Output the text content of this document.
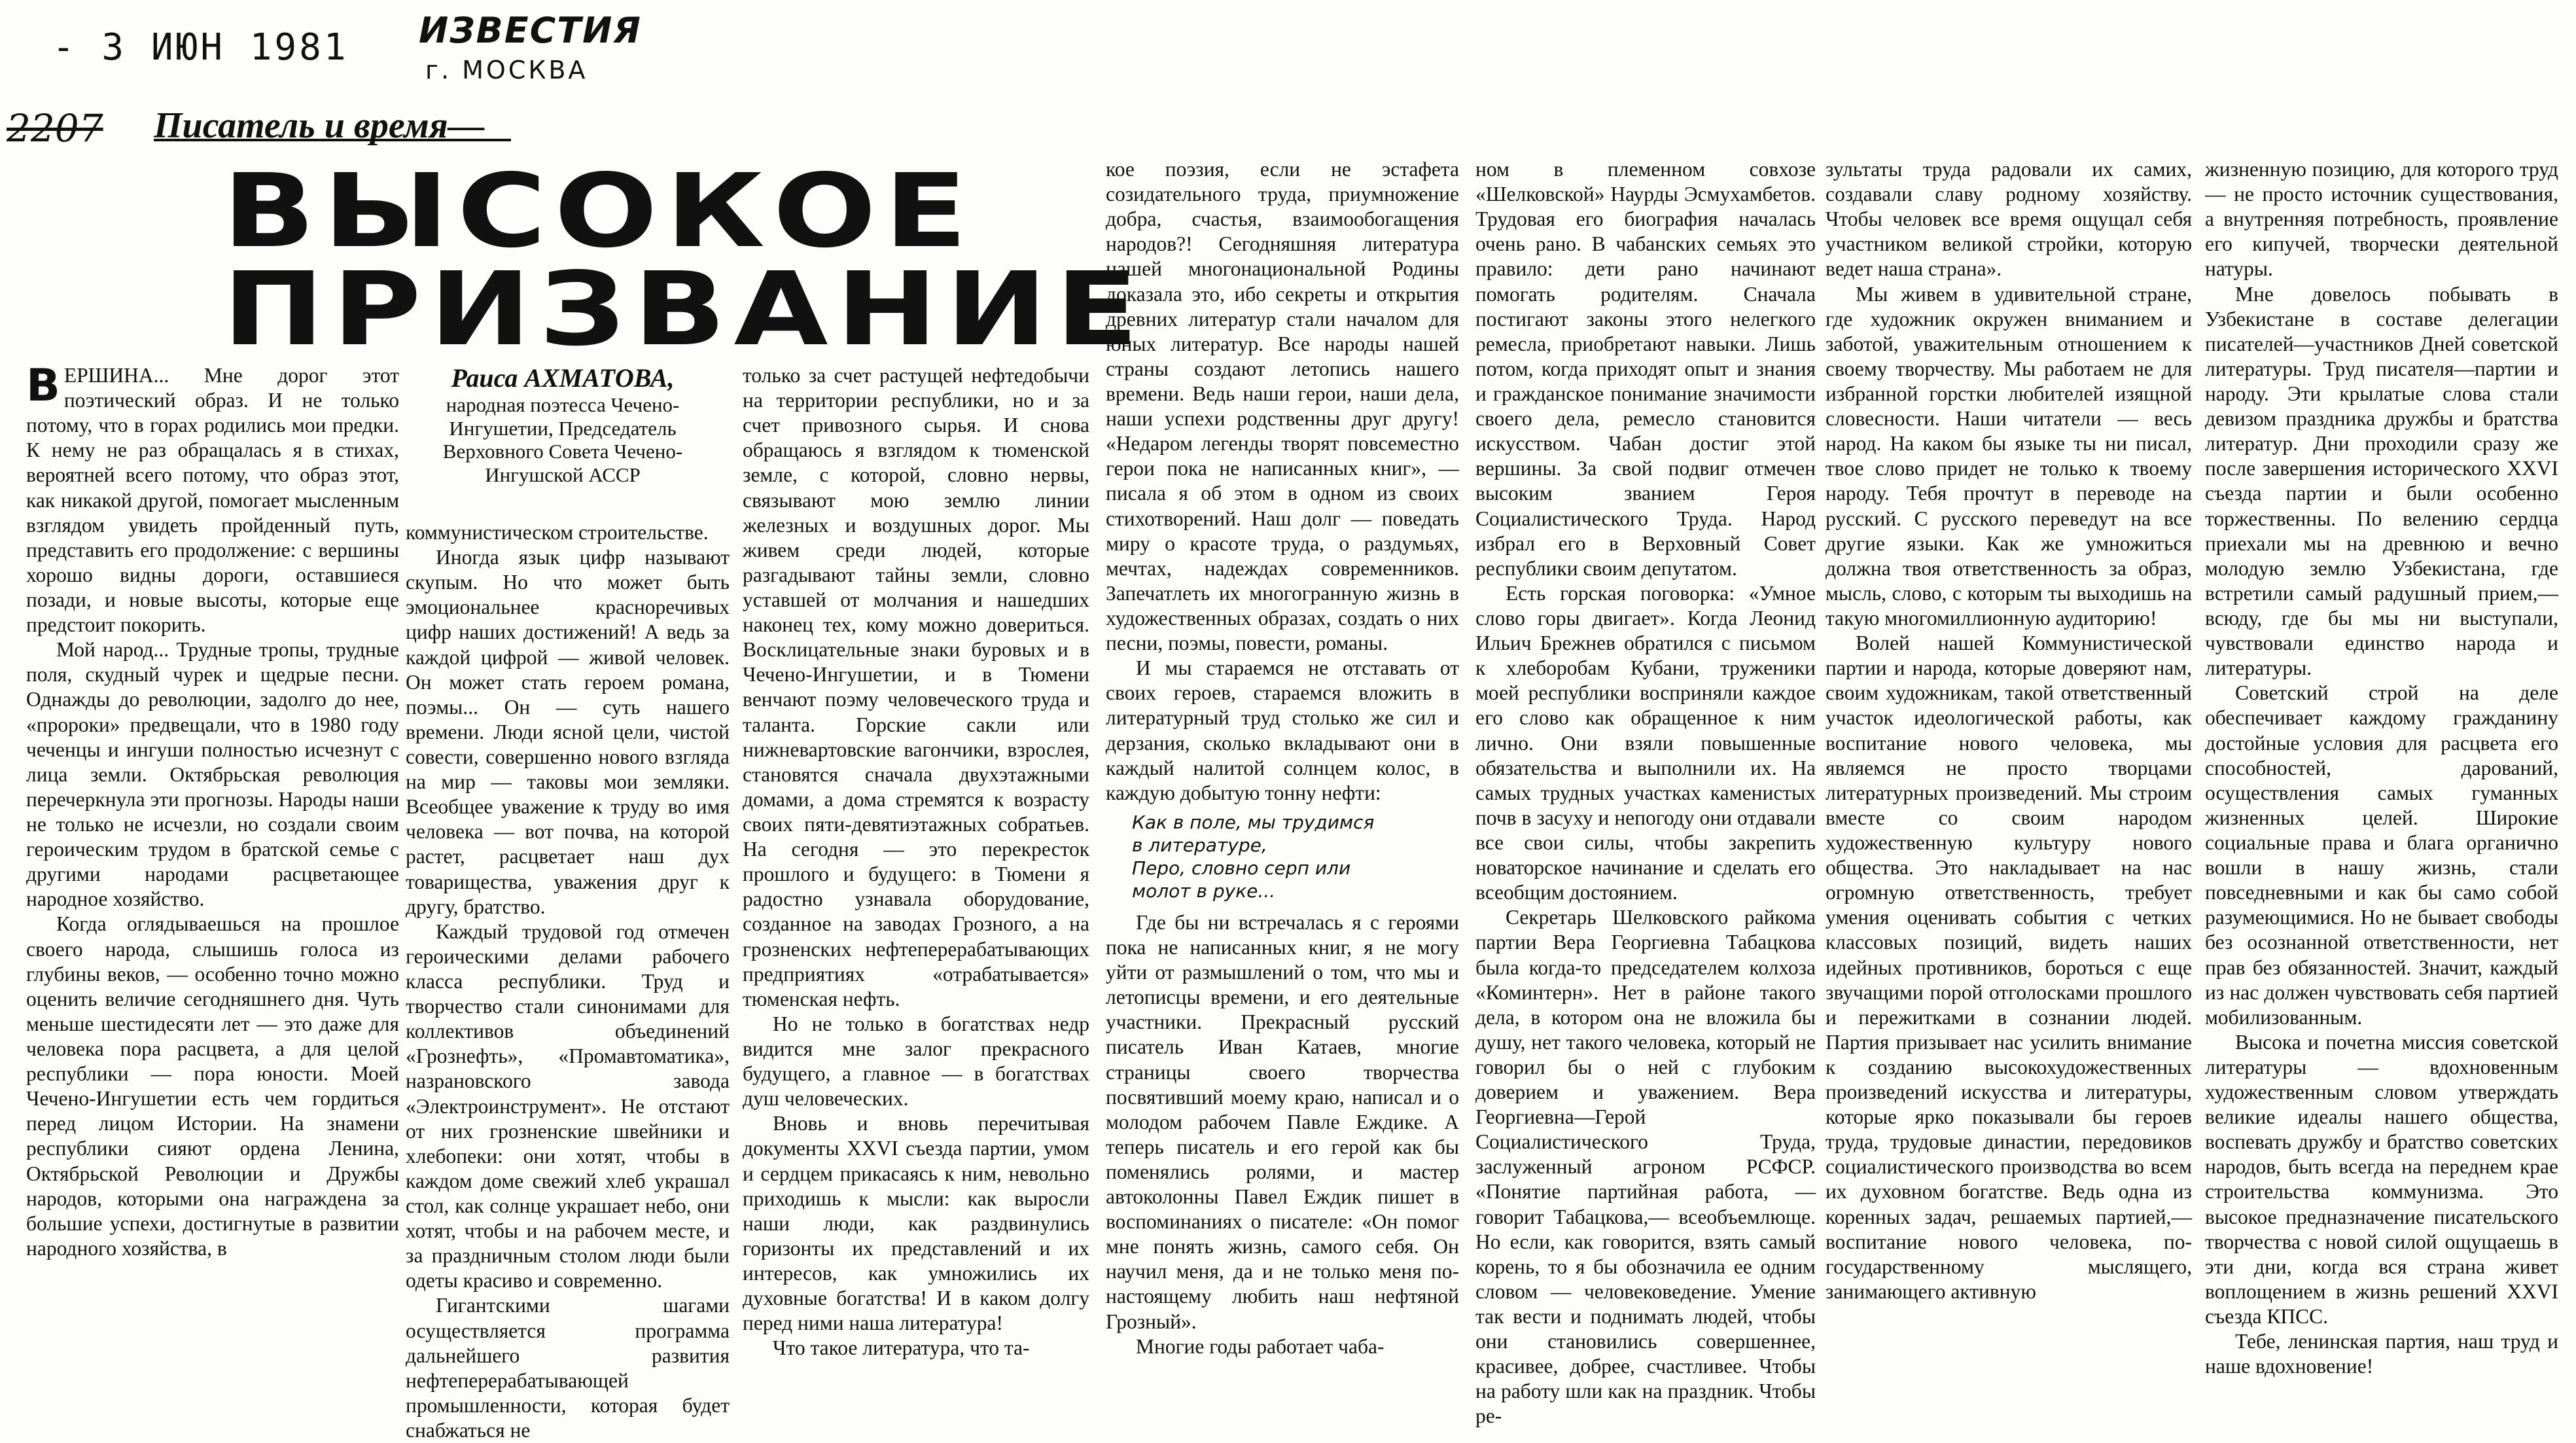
- 3 ИЮН 1981 ИЗВЕСТИЯ
г. МОСКВА
2207 Писатель и время—
ВЫСОКОЕ
ПРИЗВАНИЕ
Раиса АХМАТОВА,
народная поэтесса Чечено-Ингушетии, Председатель Верховного Совета Чечено-Ингушской АССР

ВЕРШИНА... Мне дорог этот поэтический образ. И не только потому, что в горах родились мои предки. К нему не раз обращалась я в стихах, вероятней всего потому, что образ этот, как никакой другой, помогает мысленным взглядом увидеть пройденный путь, представить его продолжение: с вершины хорошо видны дороги, оставшиеся позади, и новые высоты, которые еще предстоит покорить.

Мой народ... Трудные тропы, трудные поля, скудный чурек и щедрые песни. Однажды до революции, задолго до нее, «пророки» предвещали, что в 1980 году чеченцы и ингуши полностью исчезнут с лица земли. Октябрьская революция перечеркнула эти прогнозы. Народы наши не только не исчезли, но создали своим героическим трудом в братской семье с другими народами расцветающее народное хозяйство.

Когда оглядываешься на прошлое своего народа, слышишь голоса из глубины веков, — особенно точно можно оценить величие сегодняшнего дня. Чуть меньше шестидесяти лет — это даже для человека пора расцвета, а для целой республики — пора юности. Моей Чечено-Ингушетии есть чем гордиться перед лицом Истории. На знамени республики сияют ордена Ленина, Октябрьской Революции и Дружбы народов, которыми она награждена за большие успехи, достигнутые в развитии народного хозяйства, в

коммунистическом строительстве.

Иногда язык цифр называют скупым. Но что может быть эмоциональнее красноречивых цифр наших достижений! А ведь за каждой цифрой — живой человек. Он может стать героем романа, поэмы... Он — суть нашего времени. Люди ясной цели, чистой совести, совершенно нового взгляда на мир — таковы мои земляки. Всеобщее уважение к труду во имя человека — вот почва, на которой растет, расцветает наш дух товарищества, уважения друг к другу, братство.

Каждый трудовой год отмечен героическими делами рабочего класса республики. Труд и творчество стали синонимами для коллективов объединений «Грознефть», «Промавтоматика», назрановского завода «Электроинструмент». Не отстают от них грозненские швейники и хлебопеки: они хотят, чтобы в каждом доме свежий хлеб украшал стол, как солнце украшает небо, они хотят, чтобы и на рабочем месте, и за праздничным столом люди были одеты красиво и современно.

Гигантскими шагами осуществляется программа дальнейшего развития нефтеперерабатывающей промышленности, которая будет снабжаться не

только за счет растущей нефтедобычи на территории республики, но и за счет привозного сырья. И снова обращаюсь я взглядом к тюменской земле, с которой, словно нервы, связывают мою землю линии железных и воздушных дорог. Мы живем среди людей, которые разгадывают тайны земли, словно уставшей от молчания и нашедших наконец тех, кому можно довериться. Восклицательные знаки буровых и в Чечено-Ингушетии, и в Тюмени венчают поэму человеческого труда и таланта. Горские сакли или нижневартовские вагончики, взрослея, становятся сначала двухэтажными домами, а дома стремятся к возрасту своих пяти-девятиэтажных собратьев. На сегодня — это перекресток прошлого и будущего: в Тюмени я радостно узнавала оборудование, созданное на заводах Грозного, а на грозненских нефтеперерабатывающих предприятиях «отрабатывается» тюменская нефть.

Но не только в богатствах недр видится мне залог прекрасного будущего, а главное — в богатствах душ человеческих.

Вновь и вновь перечитывая документы XXVI съезда партии, умом и сердцем прикасаясь к ним, невольно приходишь к мысли: как выросли наши люди, как раздвинулись горизонты их представлений и их интересов, как умножились их духовные богатства! И в каком долгу перед ними наша литература!

Что такое литература, что та-

кое поэзия, если не эстафета созидательного труда, приумножение добра, счастья, взаимообогащения народов?! Сегодняшняя литература нашей многонациональной Родины доказала это, ибо секреты и открытия древних литератур стали началом для юных литератур. Все народы нашей страны создают летопись нашего времени. Ведь наши герои, наши дела, наши успехи родственны друг другу! «Недаром легенды творят повсеместно герои пока не написанных книг», — писала я об этом в одном из своих стихотворений. Наш долг — поведать миру о красоте труда, о раздумьях, мечтах, надеждах современников. Запечатлеть их многогранную жизнь в художественных образах, создать о них песни, поэмы, повести, романы.

И мы стараемся не отставать от своих героев, стараемся вложить в литературный труд столько же сил и дерзания, сколько вкладывают они в каждый налитой солнцем колос, в каждую добытую тонну нефти:

Как в поле, мы трудимся
в литературе,
Перо, словно серп или
молот в руке...

Где бы ни встречалась я с героями пока не написанных книг, я не могу уйти от размышлений о том, что мы и летописцы времени, и его деятельные участники. Прекрасный русский писатель Иван Катаев, многие страницы своего творчества посвятивший моему краю, написал и о молодом рабочем Павле Еждике. А теперь писатель и его герой как бы поменялись ролями, и мастер автоколонны Павел Еждик пишет в воспоминаниях о писателе: «Он помог мне понять жизнь, самого себя. Он научил меня, да и не только меня по-настоящему любить наш нефтяной Грозный».

Многие годы работает чаба-

ном в племенном совхозе «Шелковской» Наурды Эсмухамбетов. Трудовая его биография началась очень рано. В чабанских семьях это правило: дети рано начинают помогать родителям. Сначала постигают законы этого нелегкого ремесла, приобретают навыки. Лишь потом, когда приходят опыт и знания и гражданское понимание значимости своего дела, ремесло становится искусством. Чабан достиг этой вершины. За свой подвиг отмечен высоким званием Героя Социалистического Труда. Народ избрал его в Верховный Совет республики своим депутатом.

Есть горская поговорка: «Умное слово горы двигает». Когда Леонид Ильич Брежнев обратился с письмом к хлеборобам Кубани, труженики моей республики восприняли каждое его слово как обращенное к ним лично. Они взяли повышенные обязательства и выполнили их. На самых трудных участках каменистых почв в засуху и непогоду они отдавали все свои силы, чтобы закрепить новаторское начинание и сделать его всеобщим достоянием.

Секретарь Шелковского райкома партии Вера Георгиевна Табацкова была когда-то председателем колхоза «Коминтерн». Нет в районе такого дела, в котором она не вложила бы душу, нет такого человека, который не говорил бы о ней с глубоким доверием и уважением. Вера Георгиевна—Герой Социалистического Труда, заслуженный агроном РСФСР. «Понятие партийная работа, — говорит Табацкова,— всеобъемлюще. Но если, как говорится, взять самый корень, то я бы обозначила ее одним словом — человековедение. Умение так вести и поднимать людей, чтобы они становились совершеннее, красивее, добрее, счастливее. Чтобы на работу шли как на праздник. Чтобы ре-

зультаты труда радовали их самих, создавали славу родному хозяйству. Чтобы человек все время ощущал себя участником великой стройки, которую ведет наша страна».

Мы живем в удивительной стране, где художник окружен вниманием и заботой, уважительным отношением к своему творчеству. Мы работаем не для избранной горстки любителей изящной словесности. Наши читатели — весь народ. На каком бы языке ты ни писал, твое слово придет не только к твоему народу. Тебя прочтут в переводе на русский. С русского переведут на все другие языки. Как же умножиться должна твоя ответственность за образ, мысль, слово, с которым ты выходишь на такую многомиллионную аудиторию!

Волей нашей Коммунистической партии и народа, которые доверяют нам, своим художникам, такой ответственный участок идеологической работы, как воспитание нового человека, мы являемся не просто творцами литературных произведений. Мы строим вместе со своим народом художественную культуру нового общества. Это накладывает на нас огромную ответственность, требует умения оценивать события с четких классовых позиций, видеть наших идейных противников, бороться с еще звучащими порой отголосками прошлого и пережитками в сознании людей. Партия призывает нас усилить внимание к созданию высокохудожественных произведений искусства и литературы, которые ярко показывали бы героев труда, трудовые династии, передовиков социалистического производства во всем их духовном богатстве. Ведь одна из коренных задач, решаемых партией,—воспитание нового человека, по-государственному мыслящего, занимающего активную

жизненную позицию, для которого труд — не просто источник существования, а внутренняя потребность, проявление его кипучей, творчески деятельной натуры.

Мне довелось побывать в Узбекистане в составе делегации писателей—участников Дней советской литературы. Труд писателя—партии и народу. Эти крылатые слова стали девизом праздника дружбы и братства литератур. Дни проходили сразу же после завершения исторического XXVI съезда партии и были особенно торжественны. По велению сердца приехали мы на древнюю и вечно молодую землю Узбекистана, где встретили самый радушный прием,—всюду, где бы мы ни выступали, чувствовали единство народа и литературы.

Советский строй на деле обеспечивает каждому гражданину достойные условия для расцвета его способностей, дарований, осуществления самых гуманных жизненных целей. Широкие социальные права и блага органично вошли в нашу жизнь, стали повседневными и как бы само собой разумеющимися. Но не бывает свободы без осознанной ответственности, нет прав без обязанностей. Значит, каждый из нас должен чувствовать себя партией мобилизованным.

Высока и почетна миссия советской литературы — вдохновенным художественным словом утверждать великие идеалы нашего общества, воспевать дружбу и братство советских народов, быть всегда на переднем крае строительства коммунизма. Это высокое предназначение писательского творчества с новой силой ощущаешь в эти дни, когда вся страна живет воплощением в жизнь решений XXVI съезда КПСС.

Тебе, ленинская партия, наш труд и наше вдохновение!
